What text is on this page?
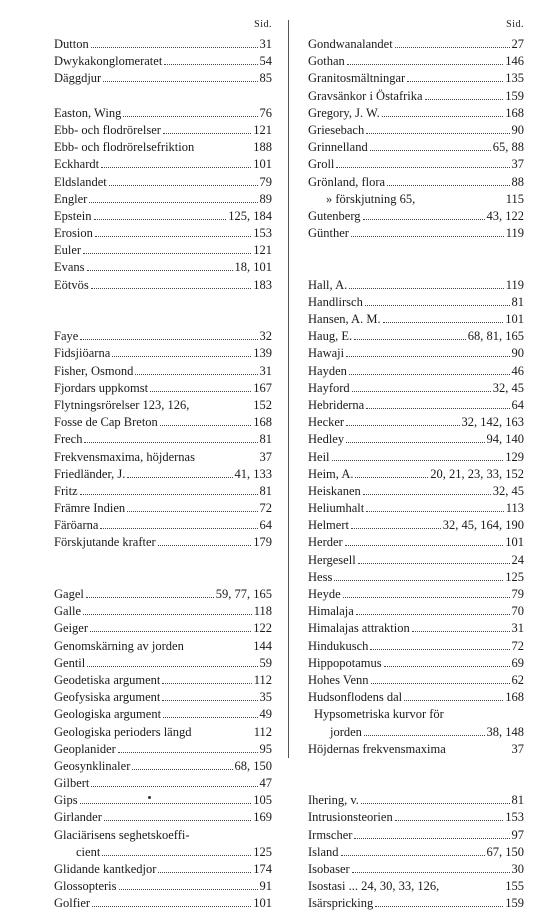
Sid.
Dutton	31
Dwykakonglomeratet	54
Däggdjur	85
Easton, Wing	76
Ebb- och flodrörelser	121
Ebb- och flodrörelsefriktion	188
Eckhardt	101
Eldslandet	79
Engler	89
Epstein	125, 184
Erosion	153
Euler	121
Evans	18, 101
Eötvös	183
Faye	32
Fidsjiöarna	139
Fisher, Osmond	31
Fjordars uppkomst	167
Flytningsrörelser 123, 126,	152
Fosse de Cap Breton	168
Frech	81
Frekvensmaxima, höjdernas	37
Friedländer, J.	41, 133
Fritz	81
Främre Indien	72
Färöarna	64
Förskjutande krafter	179
Gagel	59, 77, 165
Galle	118
Geiger	122
Genomskärning av jorden	144
Gentil	59
Geodetiska argument	112
Geofysiska argument	35
Geologiska argument	49
Geologiska perioders längd	112
Geoplanider	95
Geosynklinaler	68, 150
Gilbert	47
Gips	105
Girlander	169
Glaciärisens seghetskoeffi-
cient	125
Glidande kantkedjor	174
Glossopteris	91
Golfier	101
Sid.
Gondwanalandet	27
Gothan	146
Granitosmältningar	135
Gravsänkor i Östafrika	159
Gregory, J. W.	168
Griesebach	90
Grinnelland	65, 88
Groll	37
Grönland, flora	88
» förskjutning 65,	115
Gutenberg	43, 122
Günther	119
Hall, A.	119
Handlirsch	81
Hansen, A. M.	101
Haug, E.	68, 81, 165
Hawaji	90
Hayden	46
Hayford	32, 45
Hebriderna	64
Hecker	32, 142, 163
Hedley	94, 140
Heil	129
Heim, A.	20, 21, 23, 33, 152
Heiskanen	32, 45
Heliumhalt	113
Helmert	32, 45, 164, 190
Herder	101
Hergesell	24
Hess	125
Heyde	79
Himalaja	70
Himalajas attraktion	31
Hindukusch	72
Hippopotamus	69
Hohes Venn	62
Hudsonflodens dal	168
Hypsometriska kurvor för
jorden	38, 148
Höjdernas frekvensmaxima	37
Ihering, v.	81
Intrusionsteorien	153
Irmscher	97
Island	67, 150
Isobaser	30
Isostasi ... 24, 30, 33, 126,	155
Isärspricking	159
